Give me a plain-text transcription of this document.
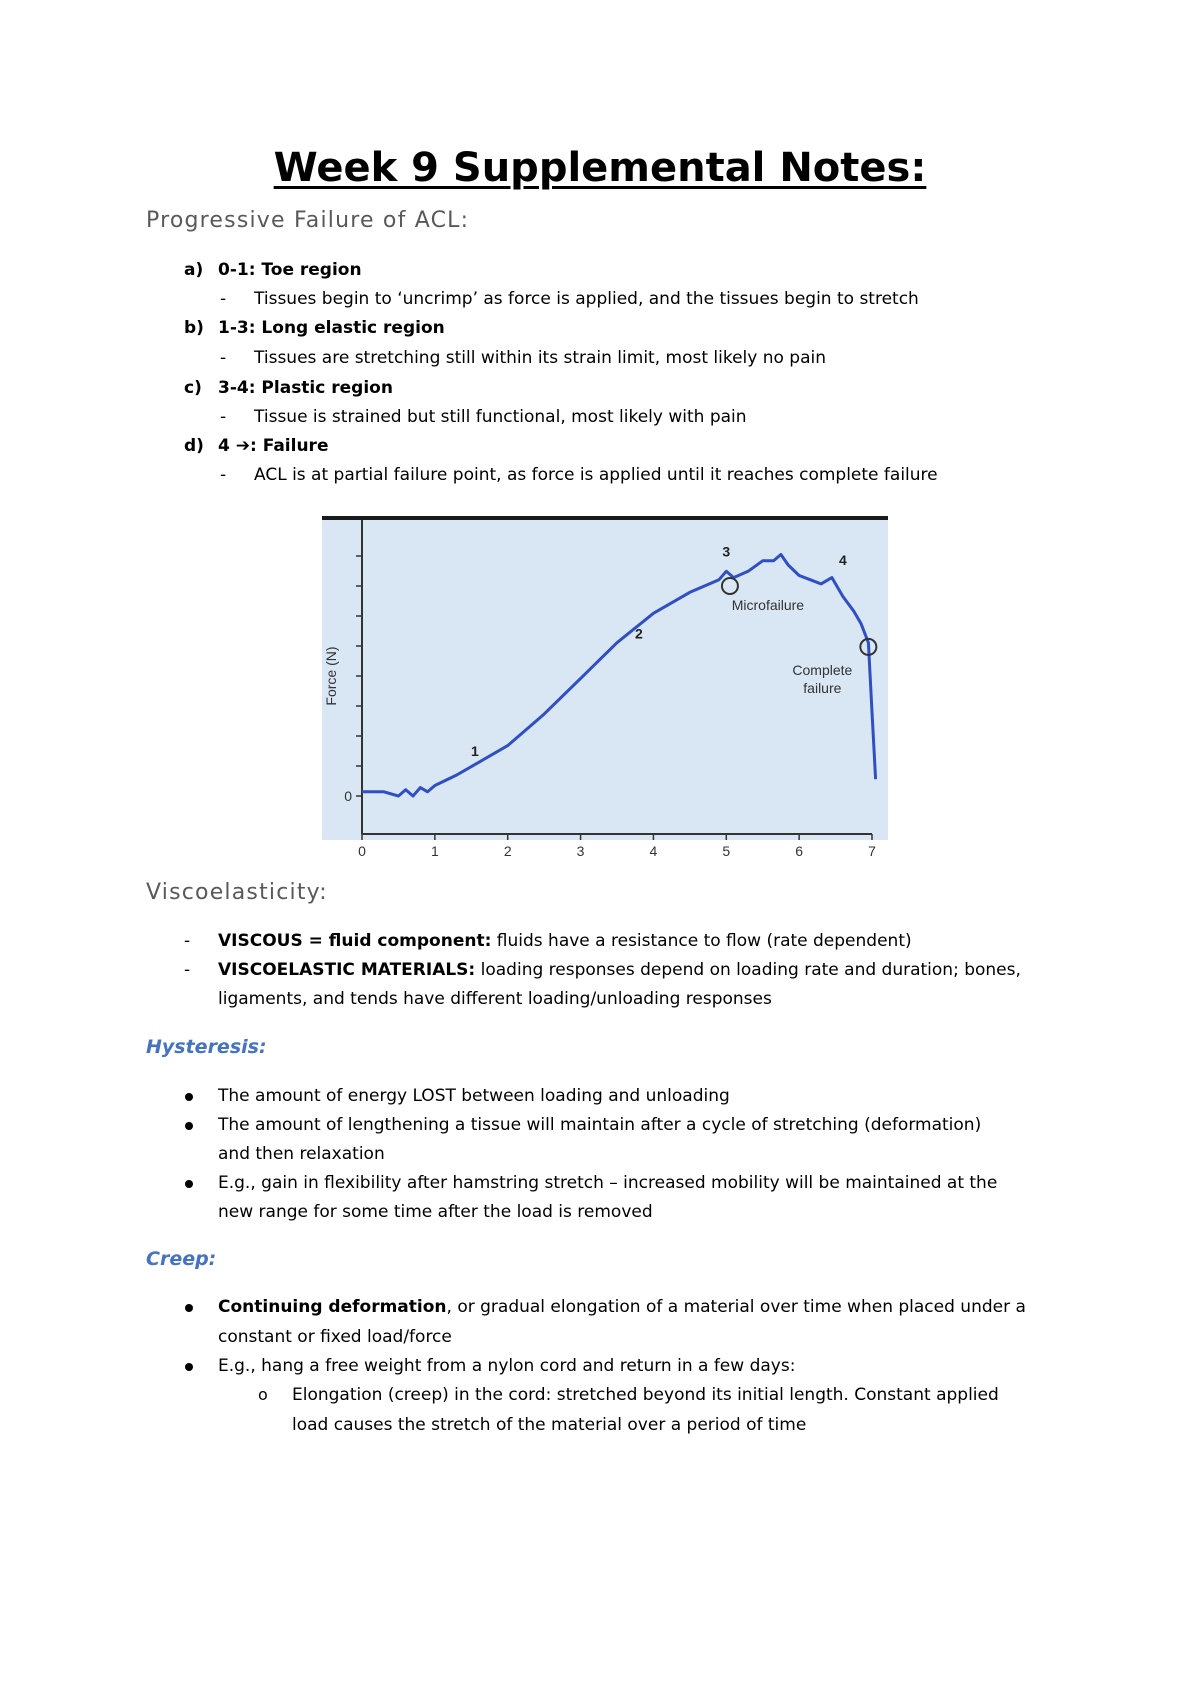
Week 9 Supplemental Notes:
Progressive Failure of ACL:
a) 0-1: Toe region
- Tissues begin to ‘uncrimp’ as force is applied, and the tissues begin to stretch
b) 1-3: Long elastic region
- Tissues are stretching still within its strain limit, most likely no pain
c) 3-4: Plastic region
- Tissue is strained but still functional, most likely with pain
d) 4 ➔: Failure
- ACL is at partial failure point, as force is applied until it reaches complete failure
0
0	1	2	3	4	5	6	7
Force (N)
1
2
3
4
Microfailure
Complete
failure
Viscoelasticity:
- VISCOUS = fluid component: fluids have a resistance to flow (rate dependent)
- VISCOELASTIC MATERIALS: loading responses depend on loading rate and duration; bones,
ligaments, and tends have different loading/unloading responses
Hysteresis:
The amount of energy LOST between loading and unloading
The amount of lengthening a tissue will maintain after a cycle of stretching (deformation)
and then relaxation
E.g., gain in flexibility after hamstring stretch – increased mobility will be maintained at the
new range for some time after the load is removed
Creep:
Continuing deformation, or gradual elongation of a material over time when placed under a
constant or fixed load/force
E.g., hang a free weight from a nylon cord and return in a few days:
o Elongation (creep) in the cord: stretched beyond its initial length. Constant applied
load causes the stretch of the material over a period of time
